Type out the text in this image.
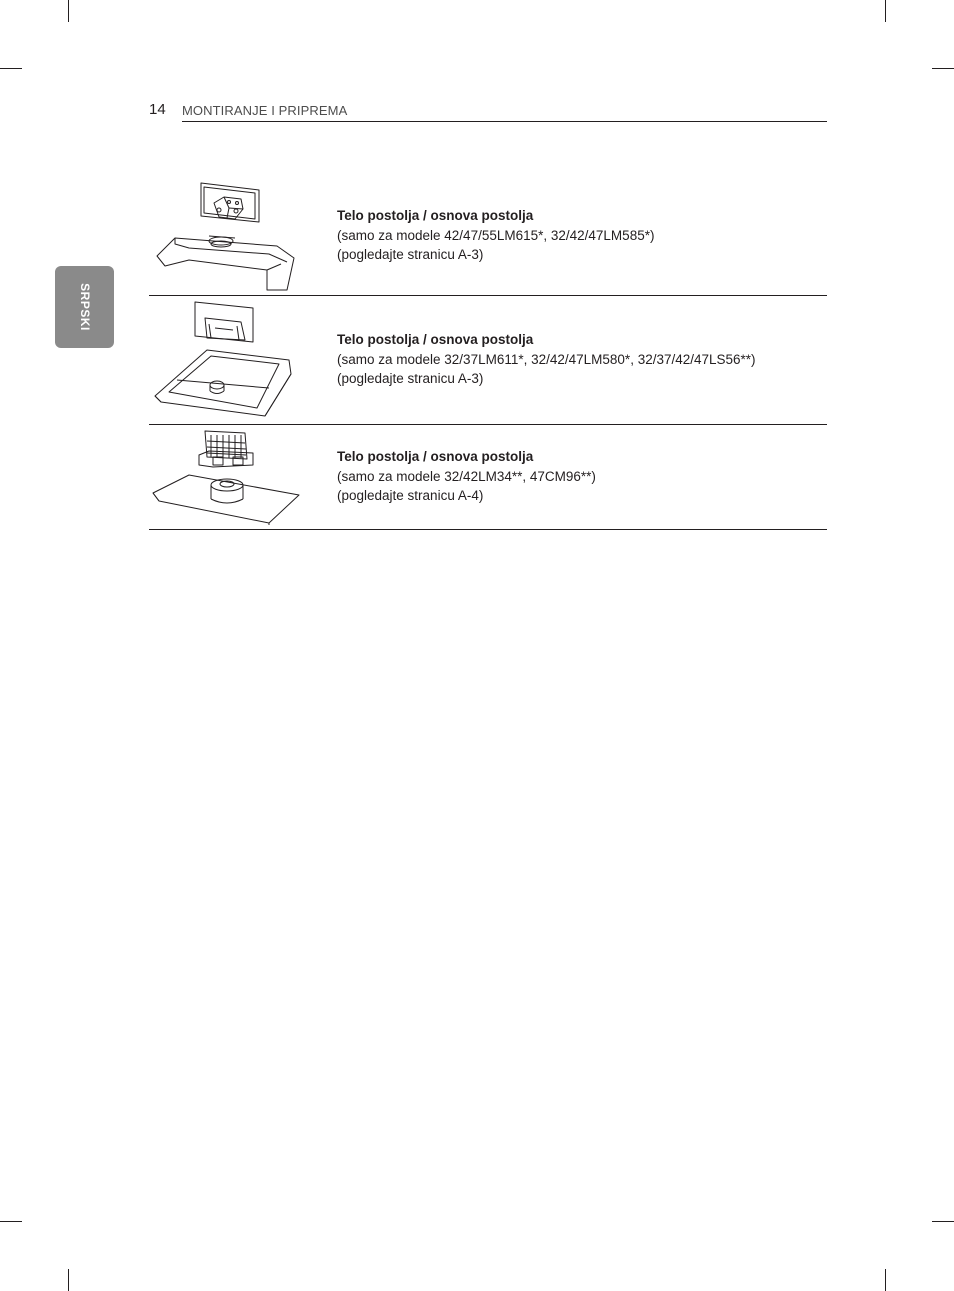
14 MONTIRANJE I PRIPREMA
SRPSKI
Telo postolja / osnova postolja
(samo za modele 42/47/55LM615*, 32/42/47LM585*)
(pogledajte stranicu A-3)
Telo postolja / osnova postolja
(samo za modele 32/37LM611*, 32/42/47LM580*, 32/37/42/47LS56**)
(pogledajte stranicu A-3)
Telo postolja / osnova postolja
(samo za modele 32/42LM34**, 47CM96**)
(pogledajte stranicu A-4)
